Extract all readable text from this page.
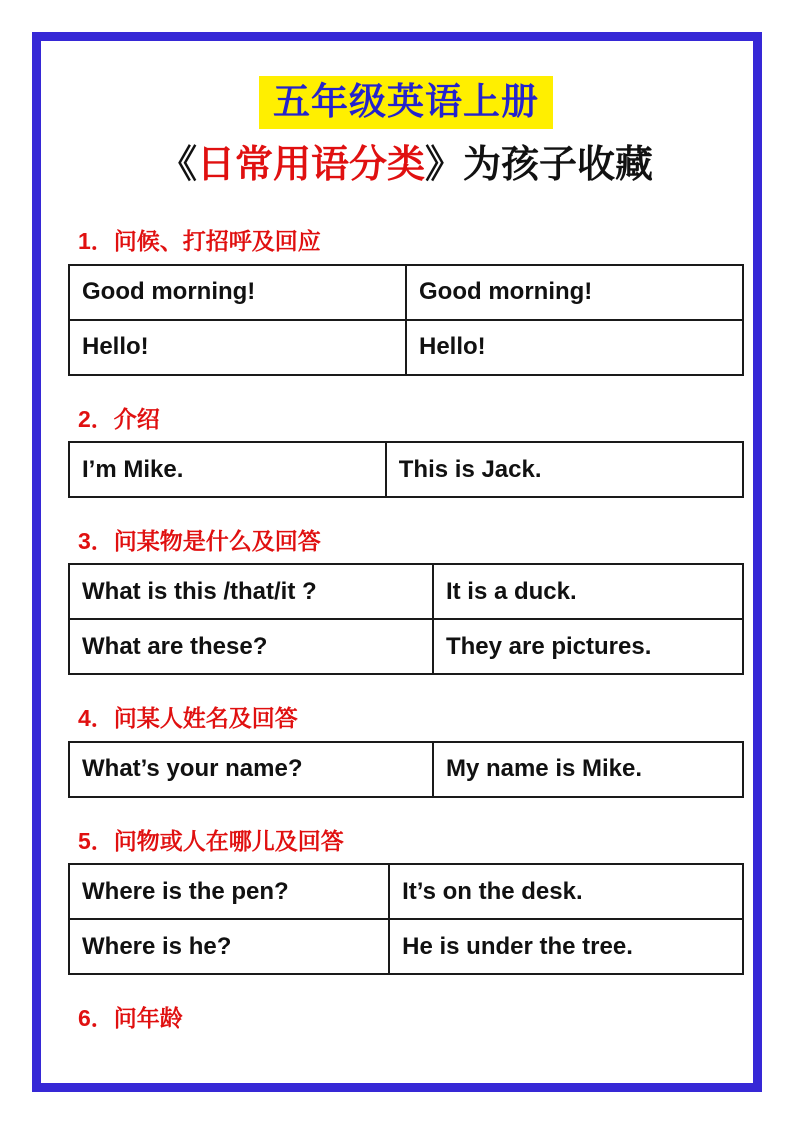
五年级英语上册
《日常用语分类》为孩子收藏
1．问候、打招呼及回应
Good morning!	Good morning!
Hello!	Hello!
2．介绍
I’m Mike.	This is Jack.
3．问某物是什么及回答
What is this /that/it ?	It is a duck.
What are these?	They are pictures.
4．问某人姓名及回答
What’s your name?	My name is Mike.
5．问物或人在哪儿及回答
Where is the pen?	It’s on the desk.
Where is he?	He is under the tree.
6．问年龄
